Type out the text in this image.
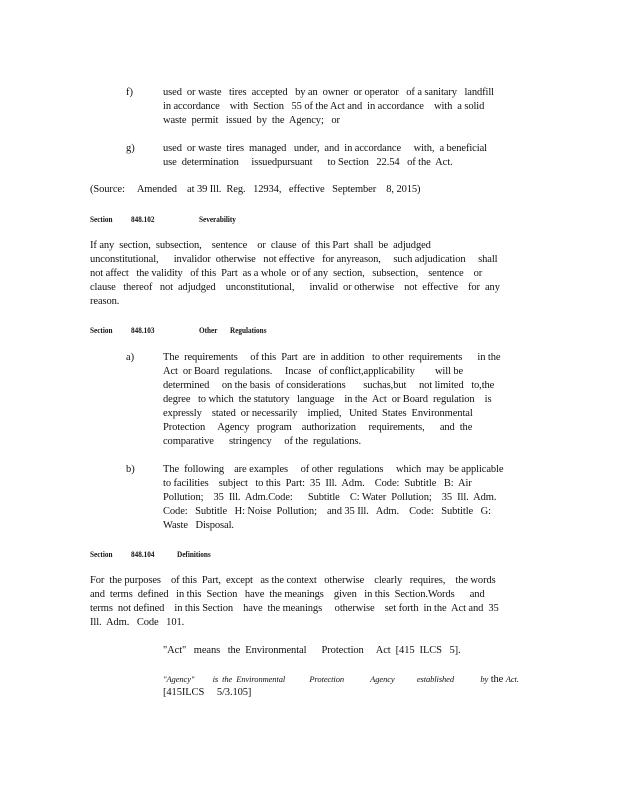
f)	used  or waste   tires  accepted   by an  owner  or operator   of a sanitary   landfill
in accordance    with  Section   55 of the Act and  in accordance    with  a solid
waste  permit   issued  by  the  Agency;   or
g)	used  or waste  tires  managed   under,  and  in accordance     with,  a beneficial
use  determination     issuedpursuant      to Section   22.54   of the  Act.
(Source:     Amended    at 39 Ill.  Reg.   12934,   effective   September    8, 2015)
Section 848.102	Severability
If any  section,  subsection,    sentence    or  clause  of  this Part  shall  be  adjudged
unconstitutional,      invalidor  otherwise   not effective   for anyreason,     such adjudication     shall
not affect   the validity   of this  Part  as a whole  or of any  section,   subsection,    sentence    or
clause   thereof   not  adjudged    unconstitutional,      invalid  or otherwise    not  effective    for  any
reason.
Section 848.103	Other       Regulations
a)	The  requirements     of this  Part  are  in addition   to other  requirements      in the
Act  or Board  regulations.     Incase   of conflict,applicability        will be
determined     on the basis  of considerations       suchas,but     not limited   to,the
degree   to which  the statutory   language    in the  Act  or Board  regulation    is
expressly    stated  or necessarily    implied,   United  States  Environmental
Protection     Agency   program    authorization     requirements,      and  the
comparative      stringency     of the  regulations.
b)	The  following    are examples     of other  regulations     which  may  be applicable
to facilities    subject   to this  Part:  35  Ill.  Adm.    Code:  Subtitle   B:  Air
Pollution;    35  Ill.  Adm.Code:      Subtitle    C: Water  Pollution;    35  Ill.  Adm.
Code:   Subtitle   H: Noise  Pollution;    and 35 Ill.   Adm.    Code:   Subtitle   G:
Waste   Disposal.
Section 848.104	Definitions
For  the purposes    of this  Part,  except   as the context   otherwise    clearly   requires,    the words
and  terms  defined   in this  Section   have  the meanings    given   in this  Section.Words      and
terms  not defined    in this Section    have  the meanings     otherwise    set forth  in the  Act and  35
Ill.  Adm.   Code   101.
"Act"   means   the  Environmental      Protection     Act  [415  ILCS   5].
"Agency"         is  the  Environmental            Protection             Agency           established             by the Act.
[415ILCS     5/3.105]
